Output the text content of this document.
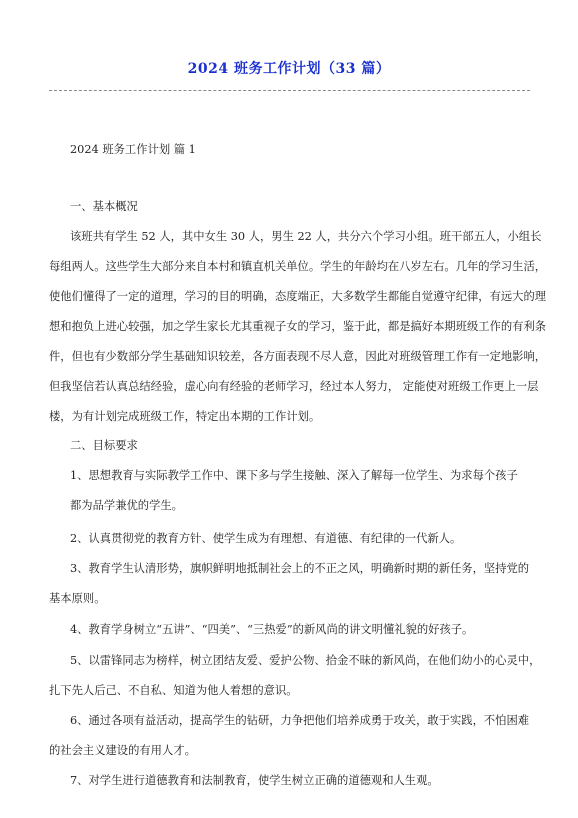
2024 班务工作计划（33 篇）
2024 班务工作计划 篇 1
一、基本概况
该班共有学生 52 人，其中女生 30 人，男生 22 人，共分六个学习小组。班干部五人，小组长
每组两人。这些学生大部分来自本村和镇直机关单位。学生的年龄均在八岁左右。几年的学习生活，
使他们懂得了一定的道理，学习的目的明确，态度端正，大多数学生都能自觉遵守纪律，有远大的理
想和抱负上进心较强，加之学生家长尤其重视子女的学习，鉴于此，都是搞好本期班级工作的有利条
件，但也有少数部分学生基础知识较差，各方面表现不尽人意，因此对班级管理工作有一定地影响，
但我坚信若认真总结经验，虚心向有经验的老师学习，经过本人努力， 定能使对班级工作更上一层
楼，为有计划完成班级工作，特定出本期的工作计划。
二、目标要求
1、思想教育与实际教学工作中、课下多与学生接触、深入了解每一位学生、为求每个孩子
都为品学兼优的学生。
2、认真贯彻党的教育方针、使学生成为有理想、有道德、有纪律的一代新人。
3、教育学生认清形势，旗帜鲜明地抵制社会上的不正之风，明确新时期的新任务，坚持党的
基本原则。
4、教育学身树立“五讲”、“四美”、“三热爱”的新风尚的讲文明懂礼貌的好孩子。
5、以雷锋同志为榜样，树立团结友爱、爱护公物、拾金不昧的新风尚，在他们幼小的心灵中，
扎下先人后己、不自私、知道为他人着想的意识。
6、通过各项有益活动，提高学生的钻研，力争把他们培养成勇于攻关，敢于实践，不怕困难
的社会主义建设的有用人才。
7、对学生进行道德教育和法制教育，使学生树立正确的道德观和人生观。
